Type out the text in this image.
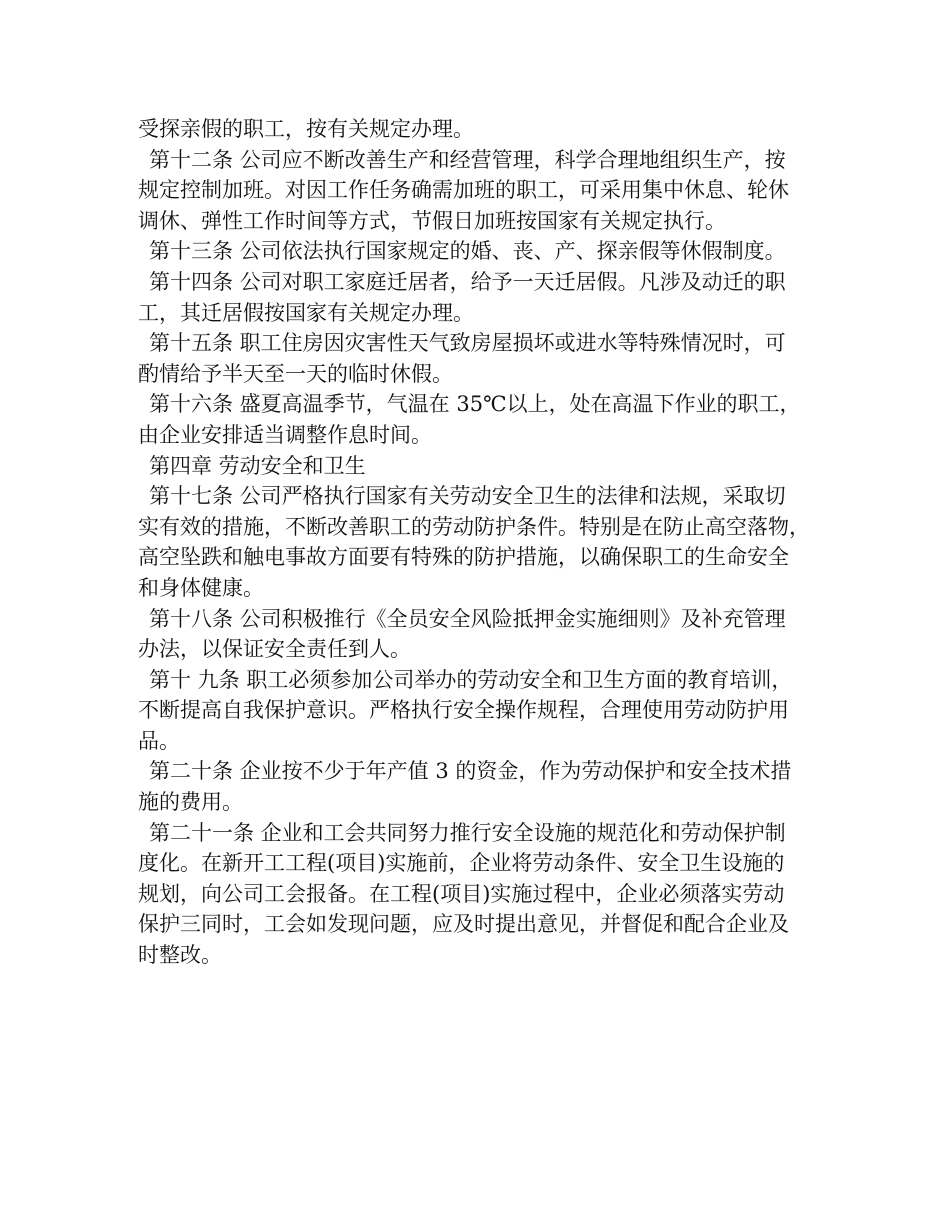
受探亲假的职工，按有关规定办理。
第十二条 公司应不断改善生产和经营管理，科学合理地组织生产，按
规定控制加班。对因工作任务确需加班的职工，可采用集中休息、轮休
调休、弹性工作时间等方式，节假日加班按国家有关规定执行。
第十三条 公司依法执行国家规定的婚、丧、产、探亲假等休假制度。
第十四条 公司对职工家庭迁居者，给予一天迁居假。凡涉及动迁的职
工，其迁居假按国家有关规定办理。
第十五条 职工住房因灾害性天气致房屋损坏或进水等特殊情况时，可
酌情给予半天至一天的临时休假。
第十六条 盛夏高温季节，气温在 35℃以上，处在高温下作业的职工，
由企业安排适当调整作息时间。
第四章 劳动安全和卫生
第十七条 公司严格执行国家有关劳动安全卫生的法律和法规，采取切
实有效的措施，不断改善职工的劳动防护条件。特别是在防止高空落物，
高空坠跌和触电事故方面要有特殊的防护措施，以确保职工的生命安全
和身体健康。
第十八条 公司积极推行《全员安全风险抵押金实施细则》及补充管理
办法，以保证安全责任到人。
第十 九条 职工必须参加公司举办的劳动安全和卫生方面的教育培训，
不断提高自我保护意识。严格执行安全操作规程，合理使用劳动防护用
品。
第二十条 企业按不少于年产值 3 的资金，作为劳动保护和安全技术措
施的费用。
第二十一条 企业和工会共同努力推行安全设施的规范化和劳动保护制
度化。在新开工工程(项目)实施前，企业将劳动条件、安全卫生设施的
规划，向公司工会报备。在工程(项目)实施过程中，企业必须落实劳动
保护三同时，工会如发现问题，应及时提出意见，并督促和配合企业及
时整改。
